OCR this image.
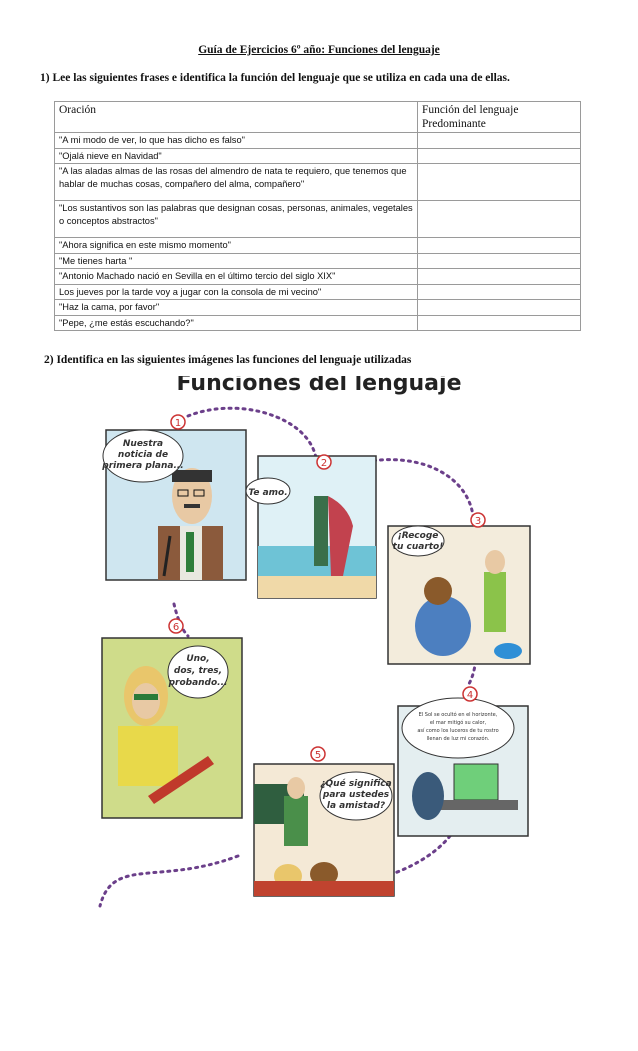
Guía de Ejercicios 6º año: Funciones del lenguaje
1) Lee las siguientes frases e identifica la función del lenguaje que se utiliza en cada una de ellas.
Oración	Función del lenguaje Predominante
"A mi modo de ver, lo que has dicho es falso"	
"Ojalá nieve en Navidad"	
"A las aladas almas de las rosas del almendro de nata te requiero, que tenemos que hablar de muchas cosas, compañero del alma, compañero"	
"Los sustantivos son las palabras que designan cosas, personas, animales, vegetales o conceptos abstractos"	
"Ahora significa en este mismo momento"	
"Me tienes harta "	
"Antonio Machado nació en Sevilla en el último tercio del siglo XIX"	
Los jueves por la tarde voy a jugar con la consola de mi vecino"	
"Haz la cama, por favor"	
"Pepe, ¿me estás escuchando?"	
2) Identifica en las siguientes imágenes las funciones del lenguaje utilizadas
Funciones del lenguaje
Nuestra
noticia de
primera plana...
1
Te amo.
2
¡Recoge
tu cuarto!
3
Uno,
dos, tres,
probando...
6
El Sol se ocultó en el horizonte,
el mar mitigó su calor,
así como los luceros de tu rostro
llenan de luz mi corazón.
4
¿Qué significa
para ustedes
la amistad?
5
